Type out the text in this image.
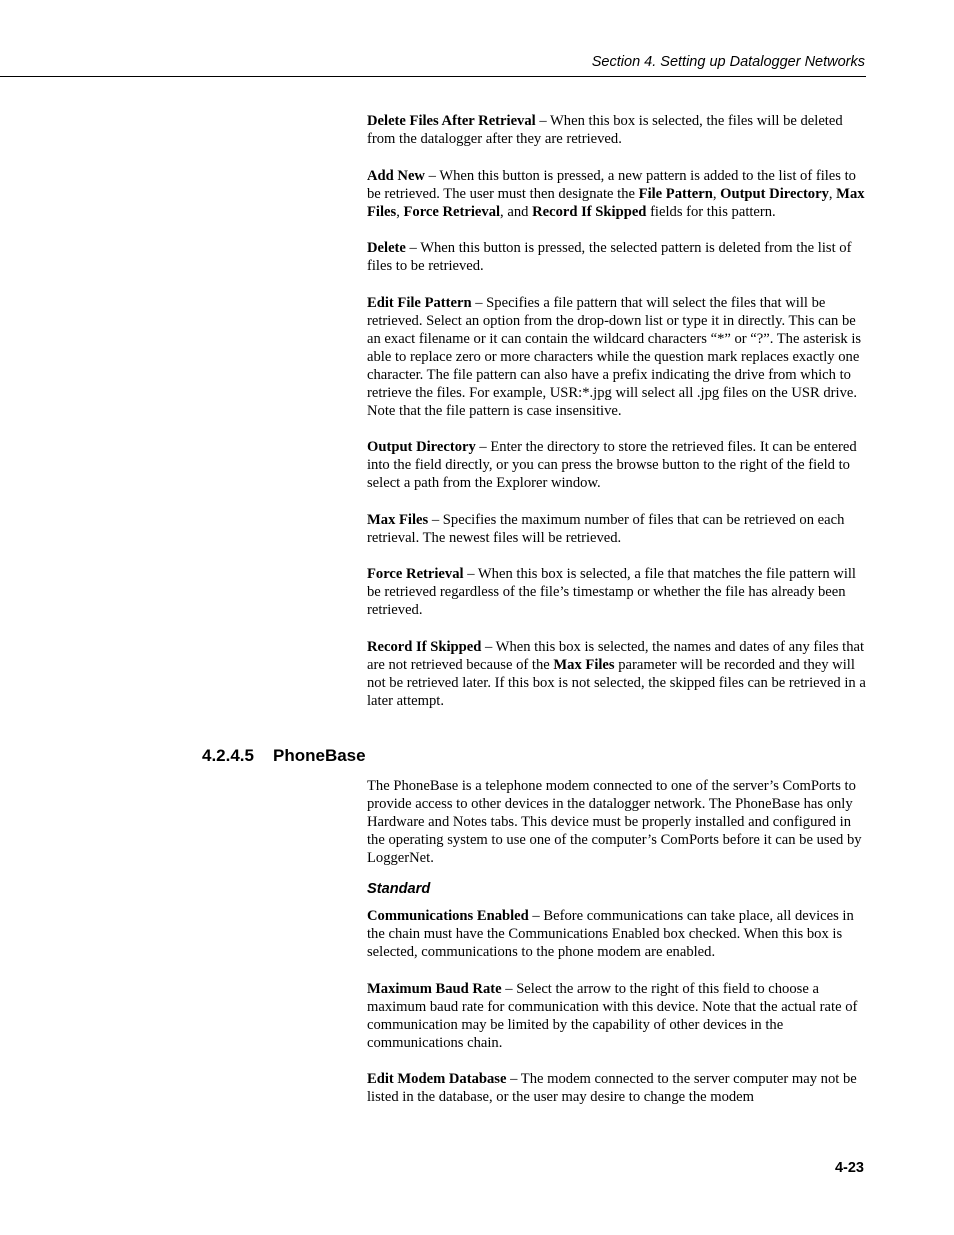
Section 4. Setting up Datalogger Networks

Delete Files After Retrieval – When this box is selected, the files will be deleted from the datalogger after they are retrieved.

Add New – When this button is pressed, a new pattern is added to the list of files to be retrieved. The user must then designate the File Pattern, Output Directory, Max Files, Force Retrieval, and Record If Skipped fields for this pattern.

Delete – When this button is pressed, the selected pattern is deleted from the list of files to be retrieved.

Edit File Pattern – Specifies a file pattern that will select the files that will be retrieved. Select an option from the drop-down list or type it in directly. This can be an exact filename or it can contain the wildcard characters “*” or “?”. The asterisk is able to replace zero or more characters while the question mark replaces exactly one character. The file pattern can also have a prefix indicating the drive from which to retrieve the files. For example, USR:*.jpg will select all .jpg files on the USR drive. Note that the file pattern is case insensitive.

Output Directory – Enter the directory to store the retrieved files. It can be entered into the field directly, or you can press the browse button to the right of the field to select a path from the Explorer window.

Max Files – Specifies the maximum number of files that can be retrieved on each retrieval. The newest files will be retrieved.

Force Retrieval – When this box is selected, a file that matches the file pattern will be retrieved regardless of the file’s timestamp or whether the file has already been retrieved.

Record If Skipped – When this box is selected, the names and dates of any files that are not retrieved because of the Max Files parameter will be recorded and they will not be retrieved later. If this box is not selected, the skipped files can be retrieved in a later attempt.

4.2.4.5 PhoneBase

The PhoneBase is a telephone modem connected to one of the server’s ComPorts to provide access to other devices in the datalogger network. The PhoneBase has only Hardware and Notes tabs. This device must be properly installed and configured in the operating system to use one of the computer’s ComPorts before it can be used by LoggerNet.

Standard

Communications Enabled – Before communications can take place, all devices in the chain must have the Communications Enabled box checked. When this box is selected, communications to the phone modem are enabled.

Maximum Baud Rate – Select the arrow to the right of this field to choose a maximum baud rate for communication with this device. Note that the actual rate of communication may be limited by the capability of other devices in the communications chain.

Edit Modem Database – The modem connected to the server computer may not be listed in the database, or the user may desire to change the modem

4-23
